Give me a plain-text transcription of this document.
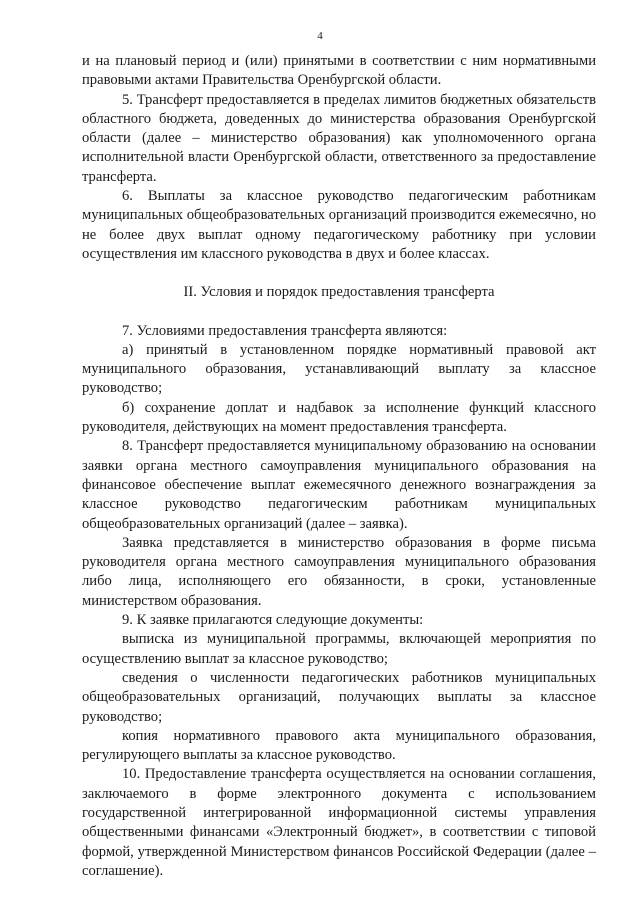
4

и на плановый период и (или) принятыми в соответствии с ним нормативными правовыми актами Правительства Оренбургской области.

5. Трансферт предоставляется в пределах лимитов бюджетных обязательств областного бюджета, доведенных до министерства образования Оренбургской области (далее – министерство образования) как уполномоченного органа исполнительной власти Оренбургской области, ответственного за предоставление трансферта.

6. Выплаты за классное руководство педагогическим работникам муниципальных общеобразовательных организаций производится ежемесячно, но не более двух выплат одному педагогическому работнику при условии осуществления им классного руководства в двух и более классах.

II. Условия и порядок предоставления трансферта

7. Условиями предоставления трансферта являются:

а) принятый в установленном порядке нормативный правовой акт муниципального образования, устанавливающий выплату за классное руководство;

б) сохранение доплат и надбавок за исполнение функций классного руководителя, действующих на момент предоставления трансферта.

8. Трансферт предоставляется муниципальному образованию на основании заявки органа местного самоуправления муниципального образования на финансовое обеспечение выплат ежемесячного денежного вознаграждения за классное руководство педагогическим работникам муниципальных общеобразовательных организаций (далее – заявка).

Заявка представляется в министерство образования в форме письма руководителя органа местного самоуправления муниципального образования либо лица, исполняющего его обязанности, в сроки, установленные министерством образования.

9. К заявке прилагаются следующие документы:

выписка из муниципальной программы, включающей мероприятия по осуществлению выплат за классное руководство;

сведения о численности педагогических работников муниципальных общеобразовательных организаций, получающих выплаты за классное руководство;

копия нормативного правового акта муниципального образования, регулирующего выплаты за классное руководство.

10. Предоставление трансферта осуществляется на основании соглашения, заключаемого в форме электронного документа с использованием государственной интегрированной информационной системы управления общественными финансами «Электронный бюджет», в соответствии с типовой формой, утвержденной Министерством финансов Российской Федерации (далее – соглашение).
